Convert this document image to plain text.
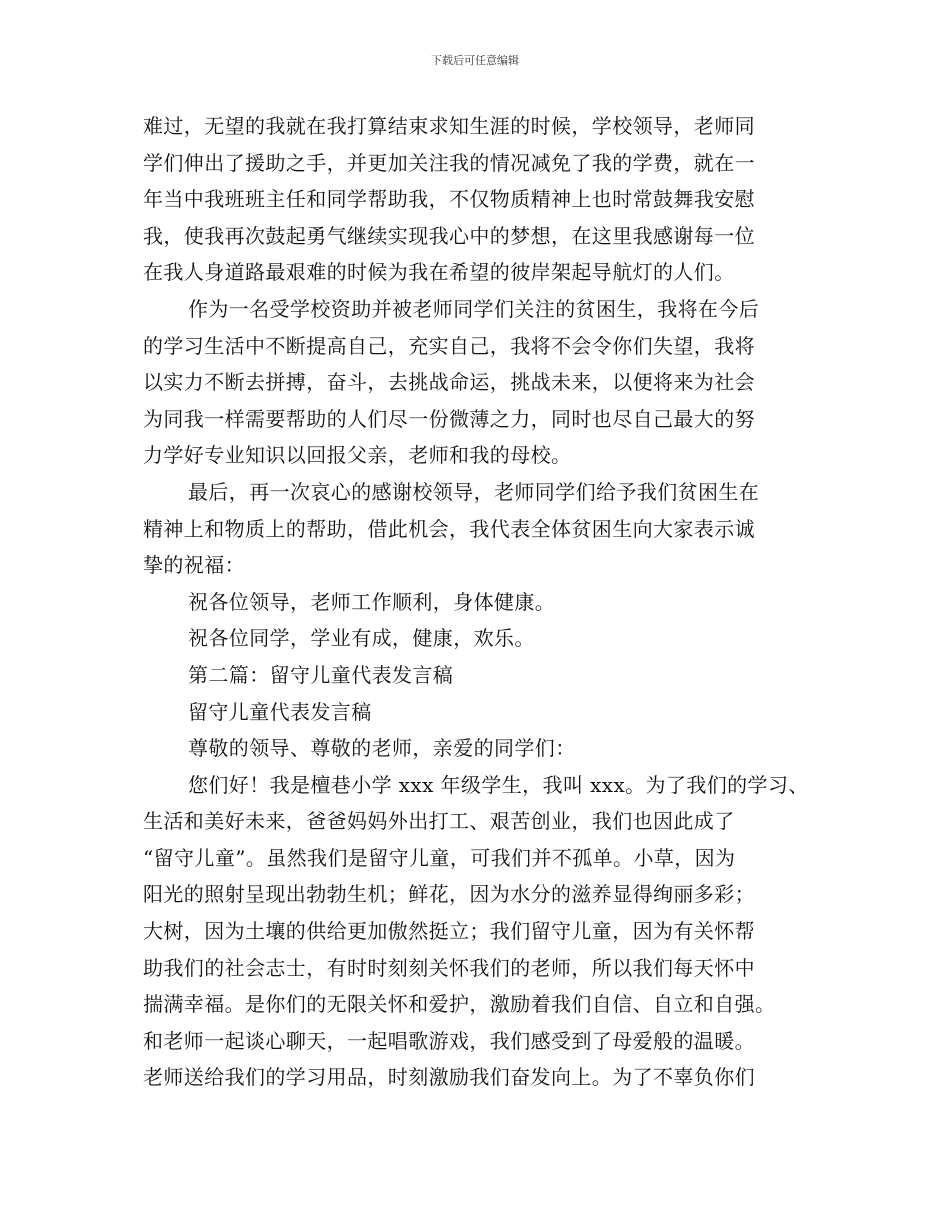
下载后可任意编辑
难过，无望的我就在我打算结束求知生涯的时候，学校领导，老师同
学们伸出了援助之手，并更加关注我的情况减免了我的学费，就在一
年当中我班班主任和同学帮助我，不仅物质精神上也时常鼓舞我安慰
我，使我再次鼓起勇气继续实现我心中的梦想，在这里我感谢每一位
在我人身道路最艰难的时候为我在希望的彼岸架起导航灯的人们。
作为一名受学校资助并被老师同学们关注的贫困生，我将在今后
的学习生活中不断提高自己，充实自己，我将不会令你们失望，我将
以实力不断去拼搏，奋斗，去挑战命运，挑战未来，以便将来为社会
为同我一样需要帮助的人们尽一份微薄之力，同时也尽自己最大的努
力学好专业知识以回报父亲，老师和我的母校。
最后，再一次哀心的感谢校领导，老师同学们给予我们贫困生在
精神上和物质上的帮助，借此机会，我代表全体贫困生向大家表示诚
挚的祝福：
祝各位领导，老师工作顺利，身体健康。
祝各位同学，学业有成，健康，欢乐。
第二篇：留守儿童代表发言稿
留守儿童代表发言稿
尊敬的领导、尊敬的老师，亲爱的同学们：
您们好！我是檀巷小学 xxx 年级学生，我叫 xxx。为了我们的学习、
生活和美好未来，爸爸妈妈外出打工、艰苦创业，我们也因此成了
“留守儿童”。虽然我们是留守儿童，可我们并不孤单。小草，因为
阳光的照射呈现出勃勃生机；鲜花，因为水分的滋养显得绚丽多彩；
大树，因为土壤的供给更加傲然挺立；我们留守儿童，因为有关怀帮
助我们的社会志士，有时时刻刻关怀我们的老师，所以我们每天怀中
揣满幸福。是你们的无限关怀和爱护，激励着我们自信、自立和自强。
和老师一起谈心聊天，一起唱歌游戏，我们感受到了母爱般的温暖。
老师送给我们的学习用品，时刻激励我们奋发向上。为了不辜负你们
